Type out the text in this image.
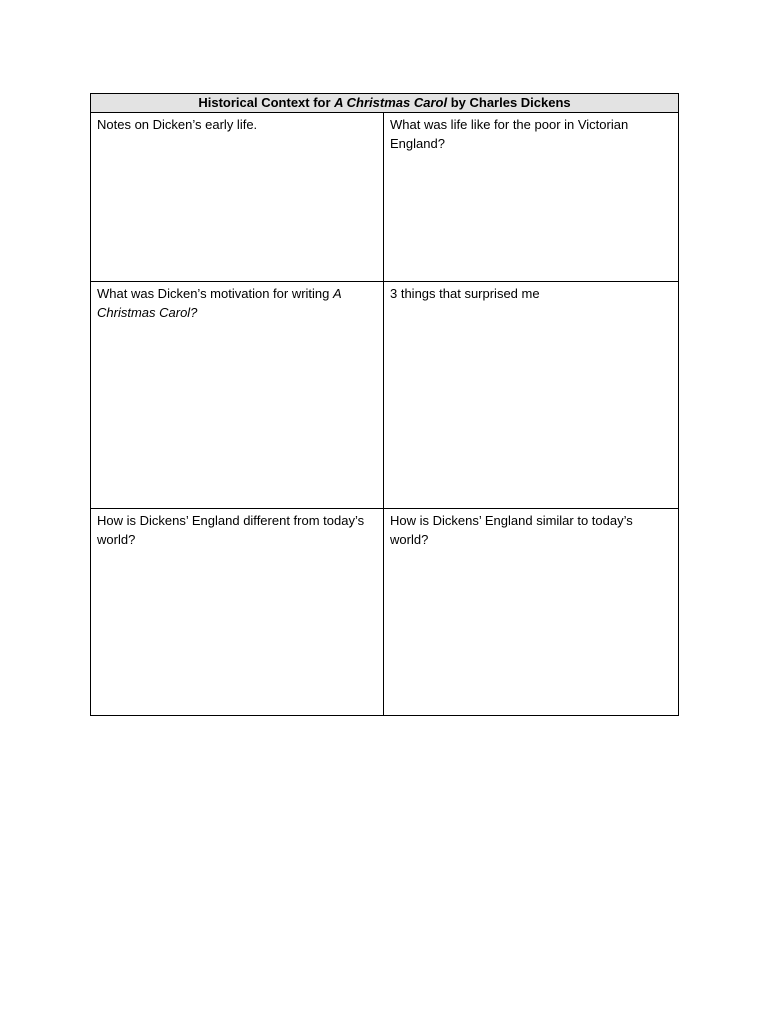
Historical Context for A Christmas Carol by Charles Dickens	
Notes on Dicken’s early life.	What was life like for the poor in Victorian England?
What was Dicken’s motivation for writing A Christmas Carol?	3 things that surprised me
How is Dickens’ England different from today’s world?	How is Dickens’ England similar to today’s world?
